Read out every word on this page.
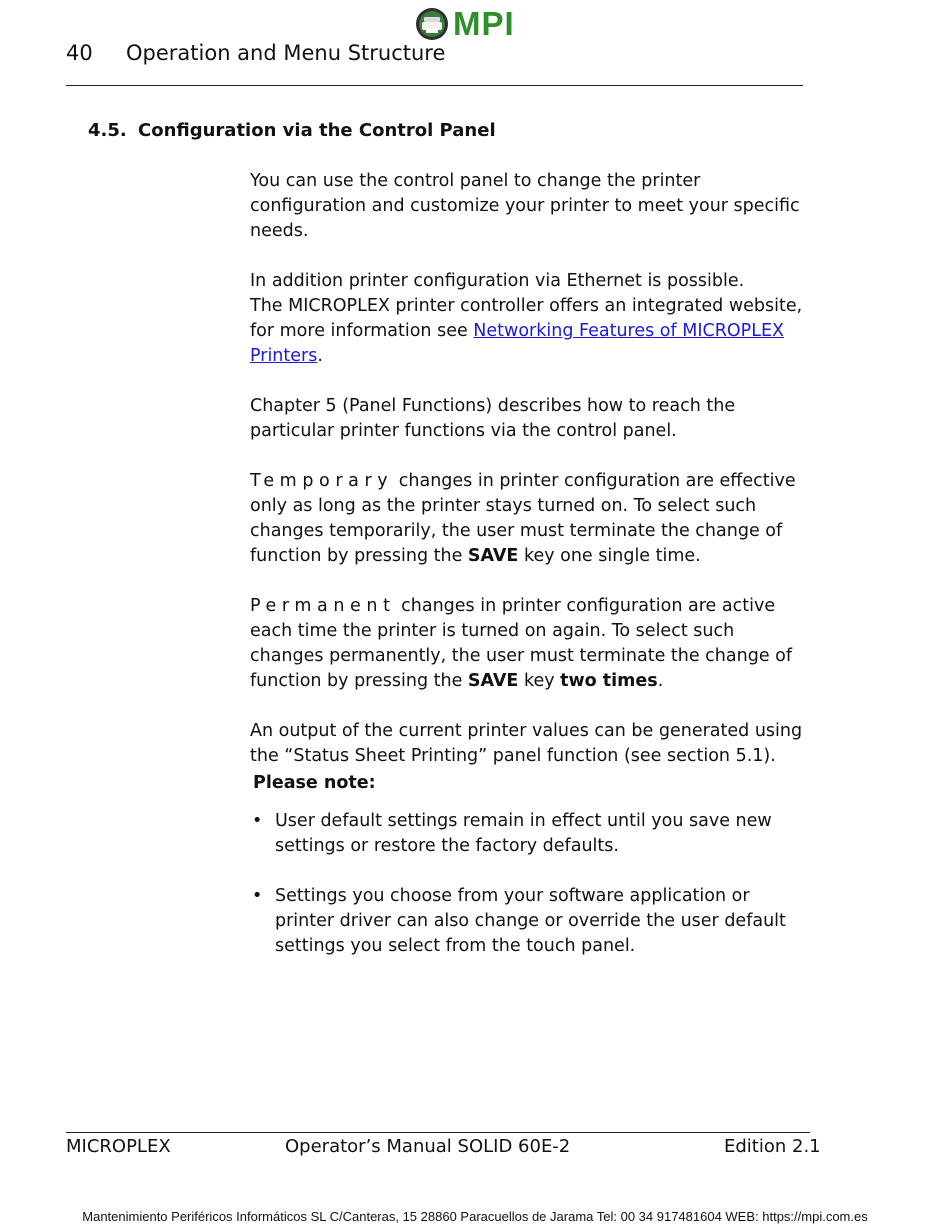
MPI
40 Operation and Menu Structure
4.5. Configuration via the Control Panel

You can use the control panel to change the printer configuration and customize your printer to meet your specific needs.

In addition printer configuration via Ethernet is possible.
The MICROPLEX printer controller offers an integrated website, for more information see Networking Features of MICROPLEX Printers.

Chapter 5 (Panel Functions) describes how to reach the particular printer functions via the control panel.

Temporary changes in printer configuration are effective only as long as the printer stays turned on. To select such changes temporarily, the user must terminate the change of function by pressing the SAVE key one single time.

Permanent changes in printer configuration are active each time the printer is turned on again. To select such changes permanently, the user must terminate the change of function by pressing the SAVE key two times.

An output of the current printer values can be generated using the “Status Sheet Printing” panel function (see section 5.1).

Please note:
• User default settings remain in effect until you save new settings or restore the factory defaults.
• Settings you choose from your software application or printer driver can also change or override the user default settings you select from the touch panel.
MICROPLEX	Operator’s Manual SOLID 60E-2	Edition 2.1
Mantenimiento Periféricos Informáticos SL C/Canteras, 15 28860 Paracuellos de Jarama Tel: 00 34 917481604 WEB: https://mpi.com.es
